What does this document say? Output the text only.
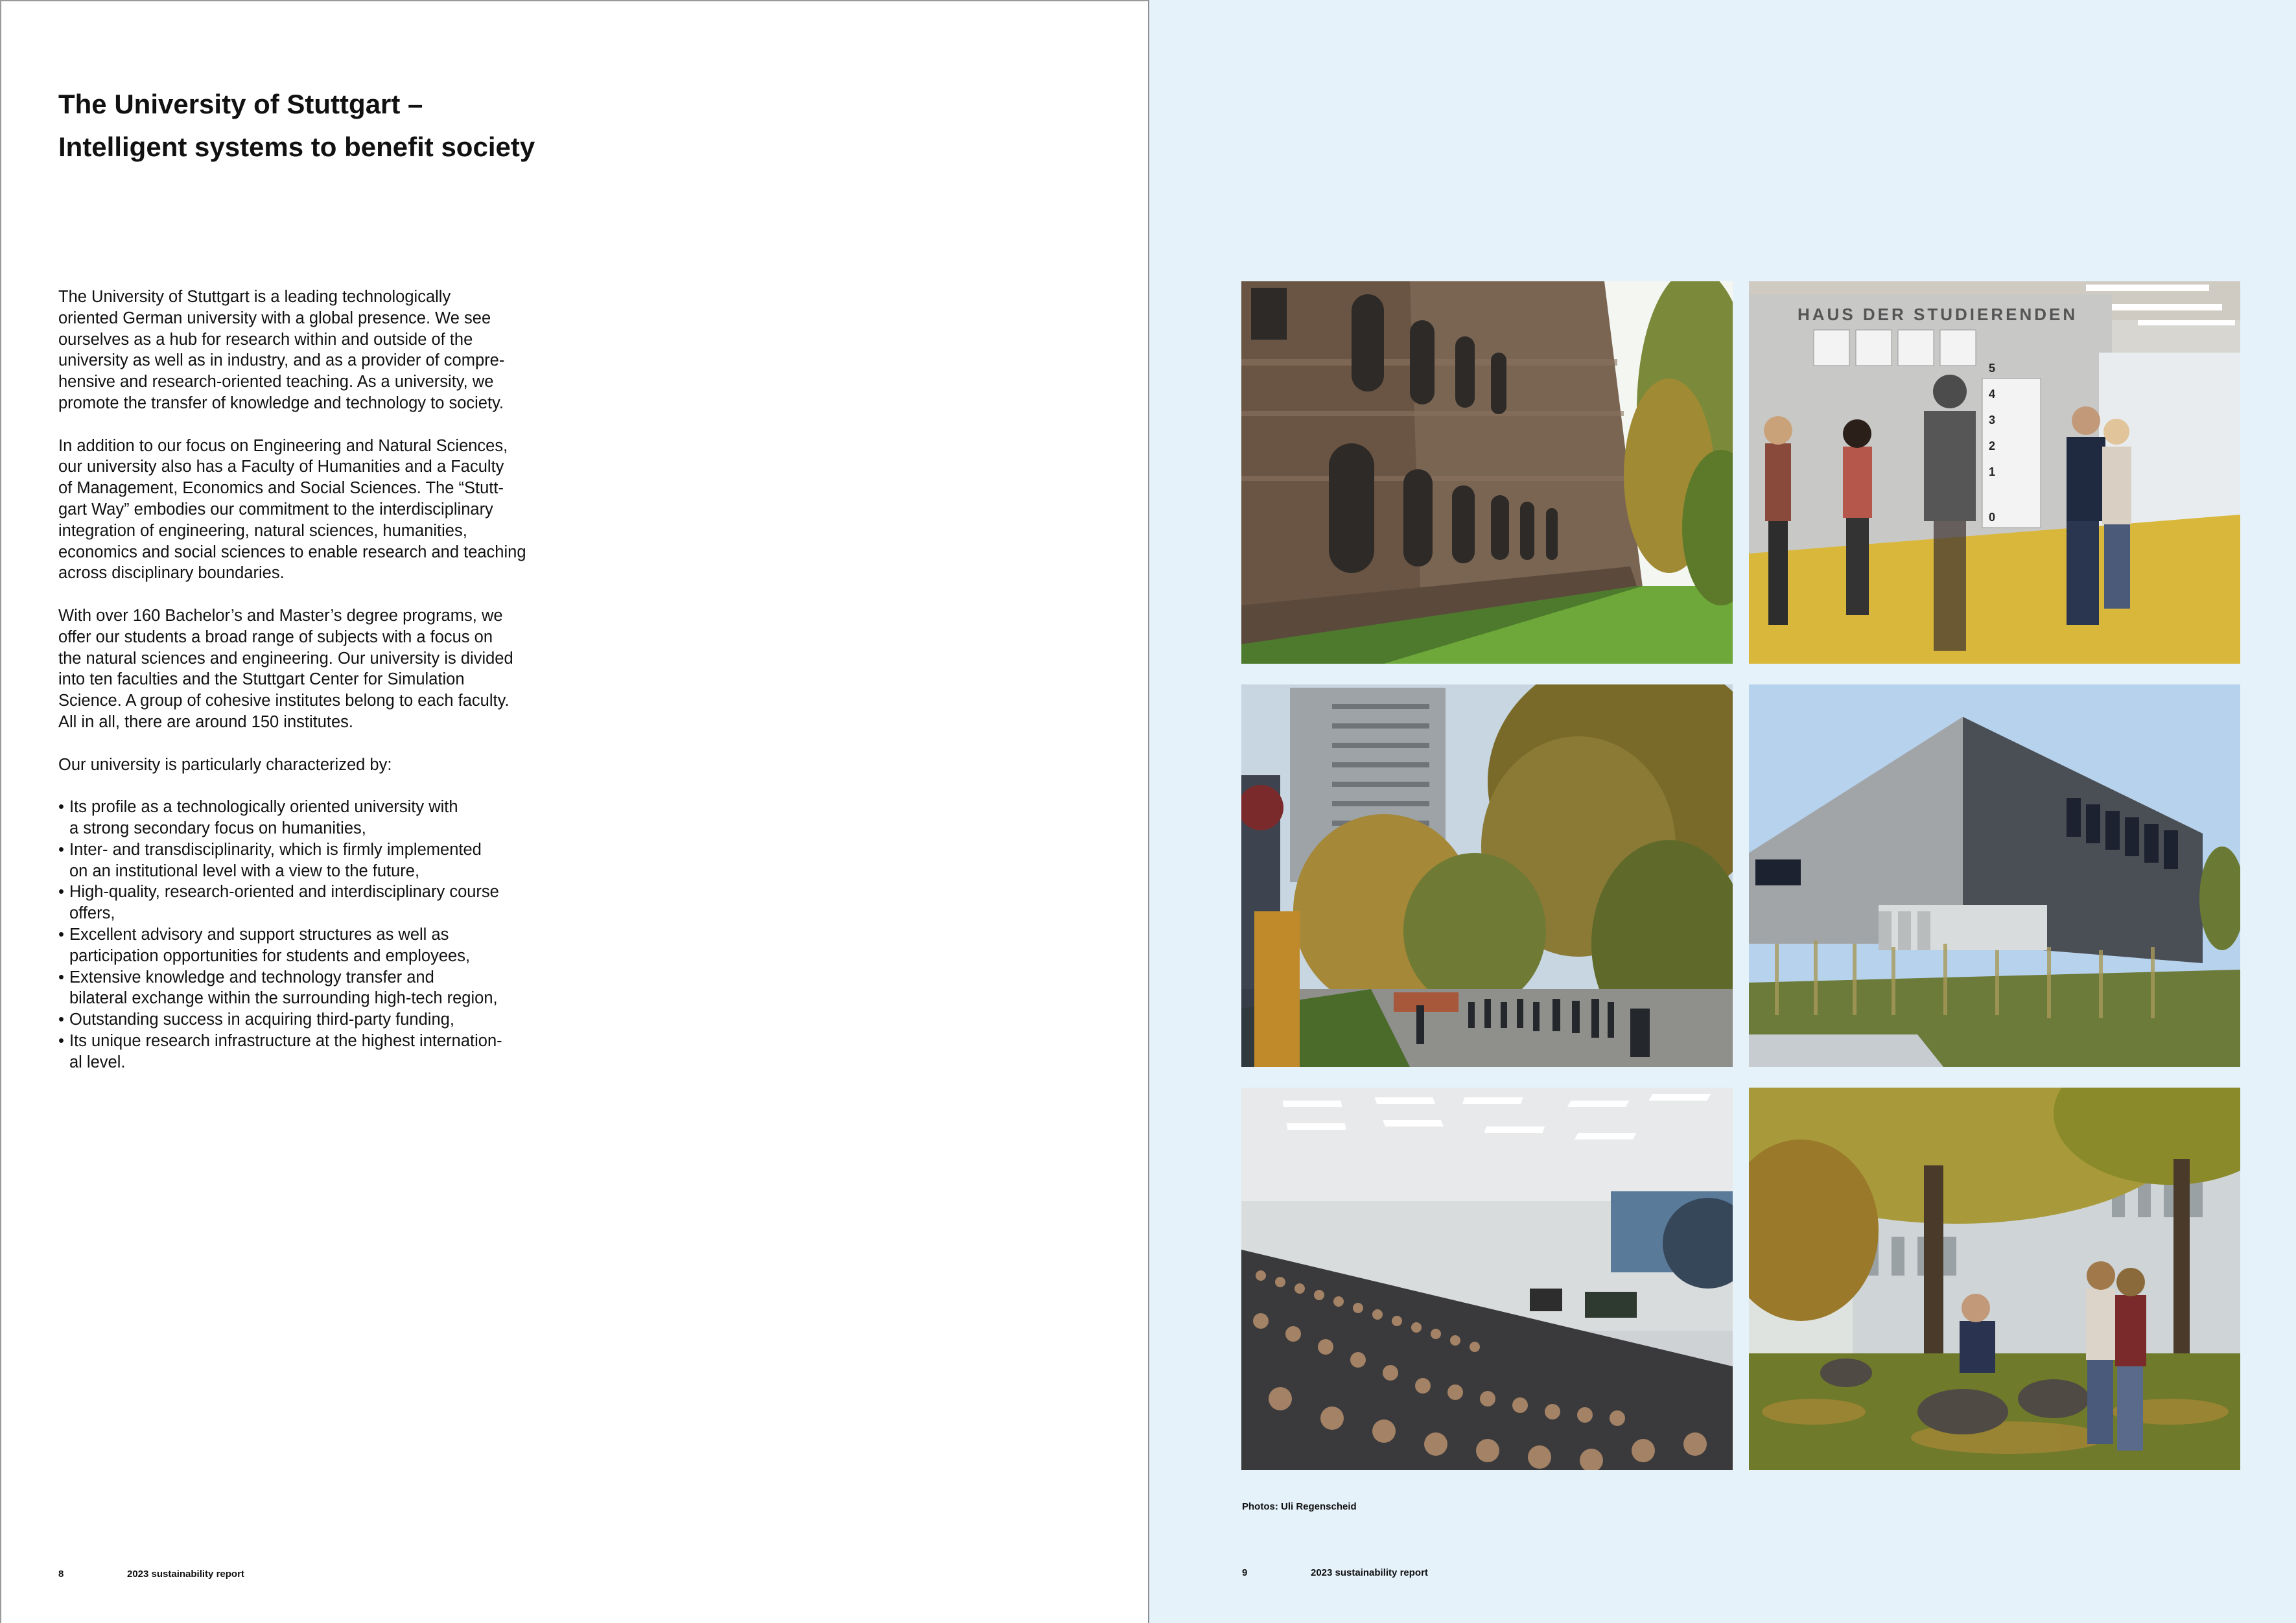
The University of Stuttgart –
Intelligent systems to benefit society

The University of Stuttgart is a leading technologically
oriented German university with a global presence. We see
ourselves as a hub for research within and outside of the
university as well as in industry, and as a provider of compre-
hensive and research-oriented teaching. As a university, we
promote the transfer of knowledge and technology to society.

In addition to our focus on Engineering and Natural Sciences,
our university also has a Faculty of Humanities and a Faculty
of Management, Economics and Social Sciences. The “Stutt-
gart Way” embodies our commitment to the interdisciplinary
integration of engineering, natural sciences, humanities,
economics and social sciences to enable research and teaching
across disciplinary boundaries.

With over 160 Bachelor’s and Master’s degree programs, we
offer our students a broad range of subjects with a focus on
the natural sciences and engineering. Our university is divided
into ten faculties and the Stuttgart Center for Simulation
Science. A group of cohesive institutes belong to each faculty.
All in all, there are around 150 institutes.

Our university is particularly characterized by:

• Its profile as a technologically oriented university with
a strong secondary focus on humanities,
• Inter- and transdisciplinarity, which is firmly implemented
on an institutional level with a view to the future,
• High-quality, research-oriented and interdisciplinary course
offers,
• Excellent advisory and support structures as well as
participation opportunities for students and employees,
• Extensive knowledge and technology transfer and
bilateral exchange within the surrounding high-tech region,
• Outstanding success in acquiring third-party funding,
• Its unique research infrastructure at the highest internation-
al level.
8	2023 sustainability report
HAUS DER STUDIERENDEN
5
4
3
2
1
0
Photos: Uli Regenscheid
9	2023 sustainability report
